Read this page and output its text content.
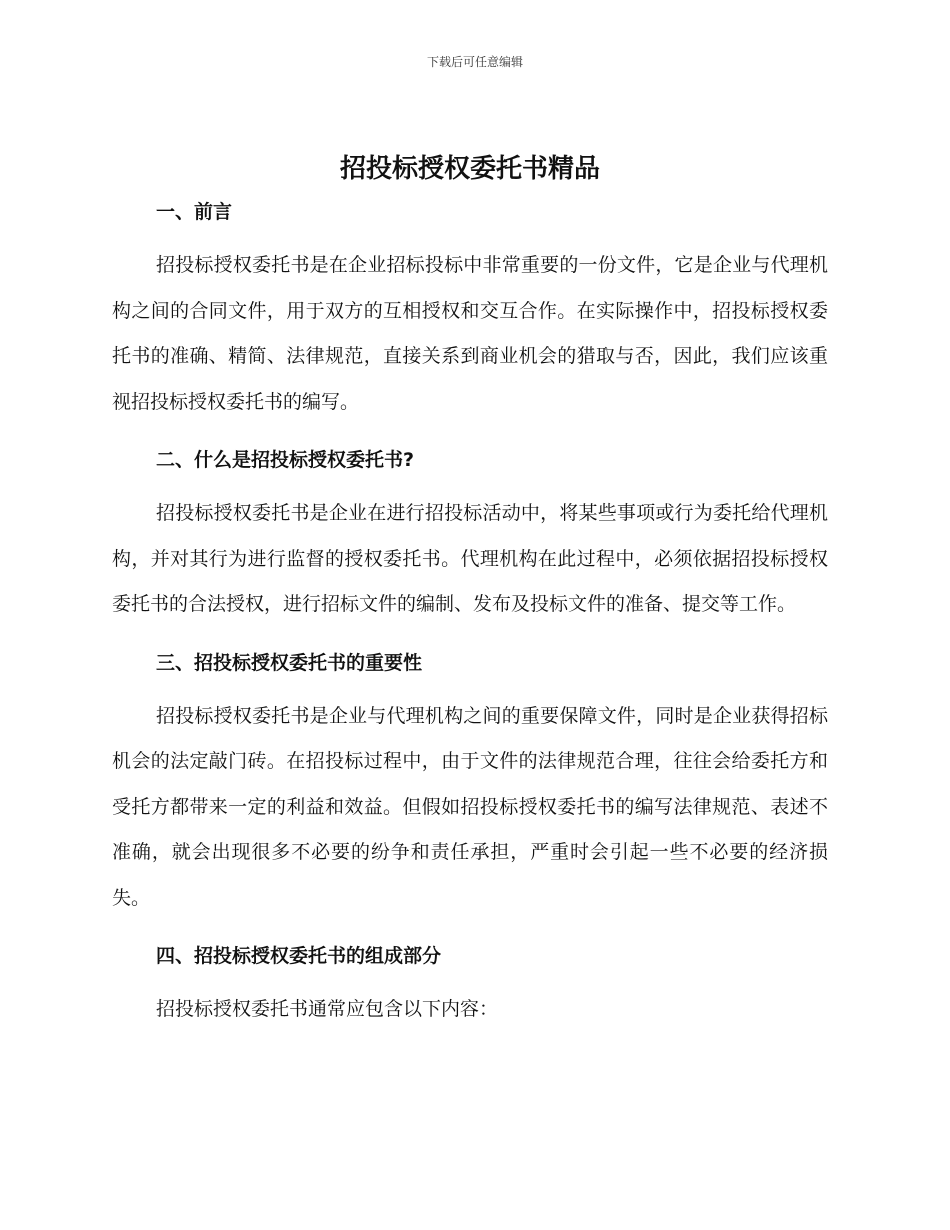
下载后可任意编辑
招投标授权委托书精品
一、前言

招投标授权委托书是在企业招标投标中非常重要的一份文件，它是企业与代理机构之间的合同文件，用于双方的互相授权和交互合作。在实际操作中，招投标授权委托书的准确、精简、法律规范，直接关系到商业机会的猎取与否，因此，我们应该重视招投标授权委托书的编写。

二、什么是招投标授权委托书?

招投标授权委托书是企业在进行招投标活动中，将某些事项或行为委托给代理机构，并对其行为进行监督的授权委托书。代理机构在此过程中，必须依据招投标授权委托书的合法授权，进行招标文件的编制、发布及投标文件的准备、提交等工作。

三、招投标授权委托书的重要性

招投标授权委托书是企业与代理机构之间的重要保障文件，同时是企业获得招标机会的法定敲门砖。在招投标过程中，由于文件的法律规范合理，往往会给委托方和受托方都带来一定的利益和效益。但假如招投标授权委托书的编写法律规范、表述不准确，就会出现很多不必要的纷争和责任承担，严重时会引起一些不必要的经济损失。

四、招投标授权委托书的组成部分

招投标授权委托书通常应包含以下内容：
